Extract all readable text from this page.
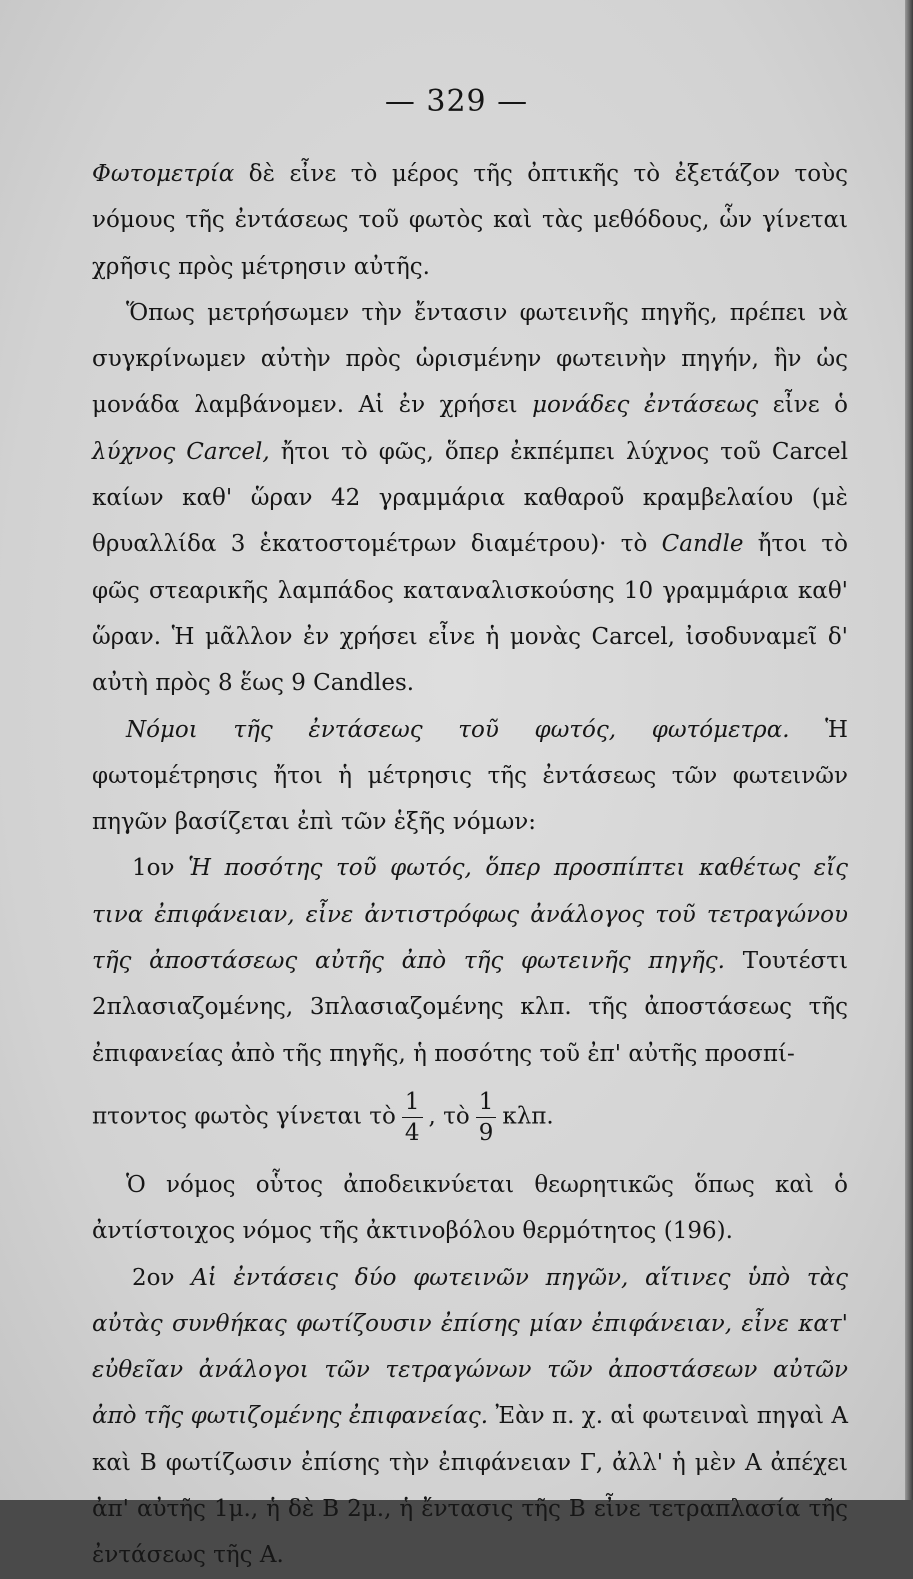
— 329 —

Φωτομετρία δὲ εἶνε τὸ μέρος τῆς ὀπτικῆς τὸ ἐξετάζον τοὺς νόμους τῆς ἐντάσεως τοῦ φωτὸς καὶ τὰς μεθόδους, ὧν γίνεται χρῆσις πρὸς μέτρησιν αὐτῆς.

Ὅπως μετρήσωμεν τὴν ἔντασιν φωτεινῆς πηγῆς, πρέπει νὰ συγκρίνωμεν αὐτὴν πρὸς ὡρισμένην φωτεινὴν πηγήν, ἣν ὡς μονάδα λαμβάνομεν. Αἱ ἐν χρήσει μονάδες ἐντάσεως εἶνε ὁ λύχνος Carcel, ἤτοι τὸ φῶς, ὅπερ ἐκπέμπει λύχνος τοῦ Carcel καίων καθ' ὥραν 42 γραμμάρια καθαροῦ κραμβελαίου (μὲ θρυαλλίδα 3 ἑκατοστομέτρων διαμέτρου)· τὸ Candle ἤτοι τὸ φῶς στεαρικῆς λαμπάδος καταναλισκούσης 10 γραμμάρια καθ' ὥραν. Ἡ μᾶλλον ἐν χρήσει εἶνε ἡ μονὰς Carcel, ἰσοδυναμεῖ δ' αὐτὴ πρὸς 8 ἕως 9 Candles.

Νόμοι τῆς ἐντάσεως τοῦ φωτός, φωτόμετρα. Ἡ φωτομέτρησις ἤτοι ἡ μέτρησις τῆς ἐντάσεως τῶν φωτεινῶν πηγῶν βασίζεται ἐπὶ τῶν ἑξῆς νόμων:

1ον Ἡ ποσότης τοῦ φωτός, ὅπερ προσπίπτει καθέτως εἴς τινα ἐπιφάνειαν, εἶνε ἀντιστρόφως ἀνάλογος τοῦ τετραγώνου τῆς ἀποστάσεως αὐτῆς ἀπὸ τῆς φωτεινῆς πηγῆς. Τουτέστι 2πλασιαζομένης, 3πλασιαζομένης κλπ. τῆς ἀποστάσεως τῆς ἐπιφανείας ἀπὸ τῆς πηγῆς, ἡ ποσότης τοῦ ἐπ' αὐτῆς προσπί-

πτοντος φωτὸς γίνεται τὸ $\frac{1}{4}$ , τὸ $\frac{1}{9} \kappa\lambda\pi$.

Ὁ νόμος οὗτος ἀποδεικνύεται θεωρητικῶς ὅπως καὶ ὁ ἀντίστοιχος νόμος τῆς ἀκτινοβόλου θερμότητος (196).

2ον Αἱ ἐντάσεις δύο φωτεινῶν πηγῶν, αἵτινες ὑπὸ τὰς αὐτὰς συνθήκας φωτίζουσιν ἐπίσης μίαν ἐπιφάνειαν, εἶνε κατ' εὐθεῖαν ἀνάλογοι τῶν τετραγώνων τῶν ἀποστάσεων αὐτῶν ἀπὸ τῆς φωτιζομένης ἐπιφανείας. Ἐὰν π. χ. αἱ φωτειναὶ πηγαὶ Α καὶ Β φωτίζωσιν ἐπίσης τὴν ἐπιφάνειαν Γ, ἀλλ' ἡ μὲν Α ἀπέχει ἀπ' αὐτῆς 1μ., ἡ δὲ Β 2μ., ἡ ἔντασις τῆς Β εἶνε τετραπλασία τῆς ἐντάσεως τῆς Α.
